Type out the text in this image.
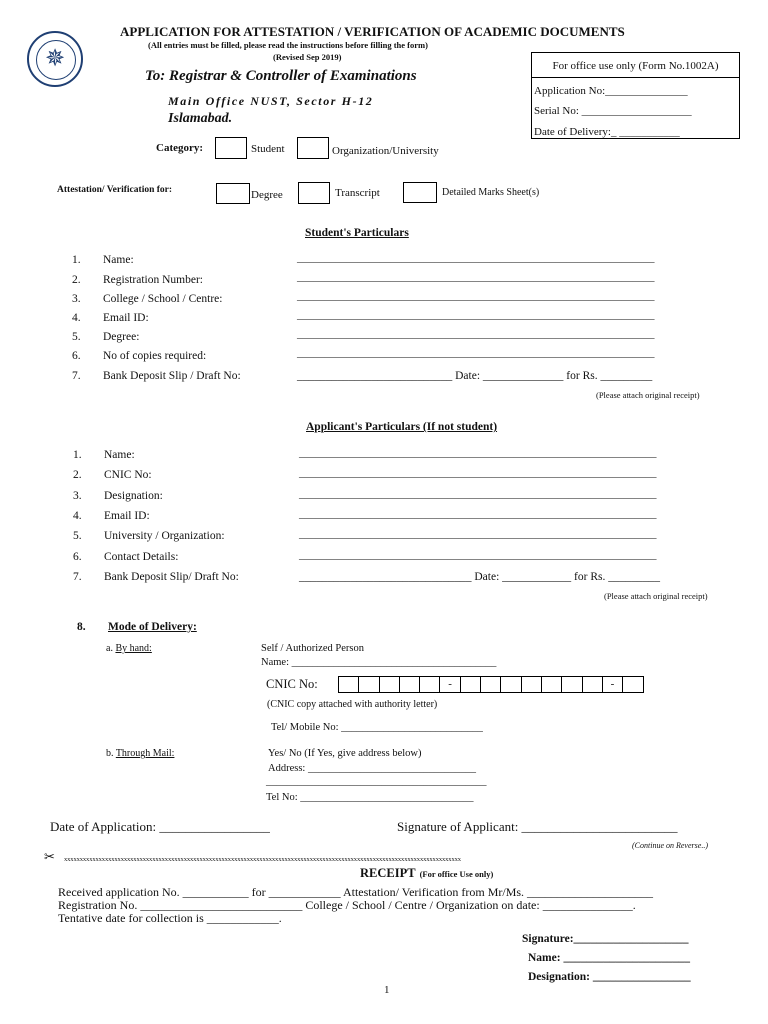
✵
APPLICATION FOR ATTESTATION / VERIFICATION OF ACADEMIC DOCUMENTS
(All entries must be filled, please read the instructions before filling the form)
(Revised Sep 2019)
To: Registrar & Controller of Examinations
Main Office NUST, Sector H-12
Islamabad.
For office use only (Form No.1002A)
Application No:_______________
Serial No: ____________________
Date of Delivery:_ ___________
Category:	Student	Organization/University
Attestation/ Verification for:	Degree	Transcript	Detailed Marks Sheet(s)
Student's Particulars
1. Name:	_________________________________________________________________
2. Registration Number:	_________________________________________________________________
3. College / School / Centre:	_________________________________________________________________
4. Email ID:	_________________________________________________________________
5. Degree:	_________________________________________________________________
6. No of copies required:	_________________________________________________________________
7. Bank Deposit Slip / Draft No:	___________________________ Date: ______________ for Rs. _________
(Please attach original receipt)
Applicant's Particulars (If not student)
1. Name:	_________________________________________________________________
2. CNIC No:	_________________________________________________________________
3. Designation:	_________________________________________________________________
4. Email ID:	_________________________________________________________________
5. University / Organization:	_________________________________________________________________
6. Contact Details:	_________________________________________________________________
7. Bank Deposit Slip/ Draft No:	______________________________ Date: ____________ for Rs. _________
(Please attach original receipt)
8. Mode of Delivery:
a. By hand:	Self / Authorized Person
Name: _______________________________________
CNIC No:	-	-
(CNIC copy attached with authority letter)
Tel/ Mobile No: ___________________________
b. Through Mail:	Yes/ No (If Yes, give address below)
Address: ________________________________
__________________________________________
Tel No: _________________________________
Date of Application: _________________	Signature of Applicant: ________________________
(Continue on Reverse..)
✂ xxxxxxxxxxxxxxxxxxxxxxxxxxxxxxxxxxxxxxxxxxxxxxxxxxxxxxxxxxxxxxxxxxxxxxxxxxxxxxxxxxxxxxxxxxxxxxxxxxxxxxxxxxxxxxxxxxxxxxxxxxxxxx
RECEIPT (For office Use only)
Received application No. ___________ for ____________ Attestation/ Verification from Mr/Ms. _____________________
Registration No. ___________________________ College / School / Centre / Organization on date: _______________.
Tentative date for collection is ____________.
Signature:____________________
Name: ______________________
Designation: _________________
1
